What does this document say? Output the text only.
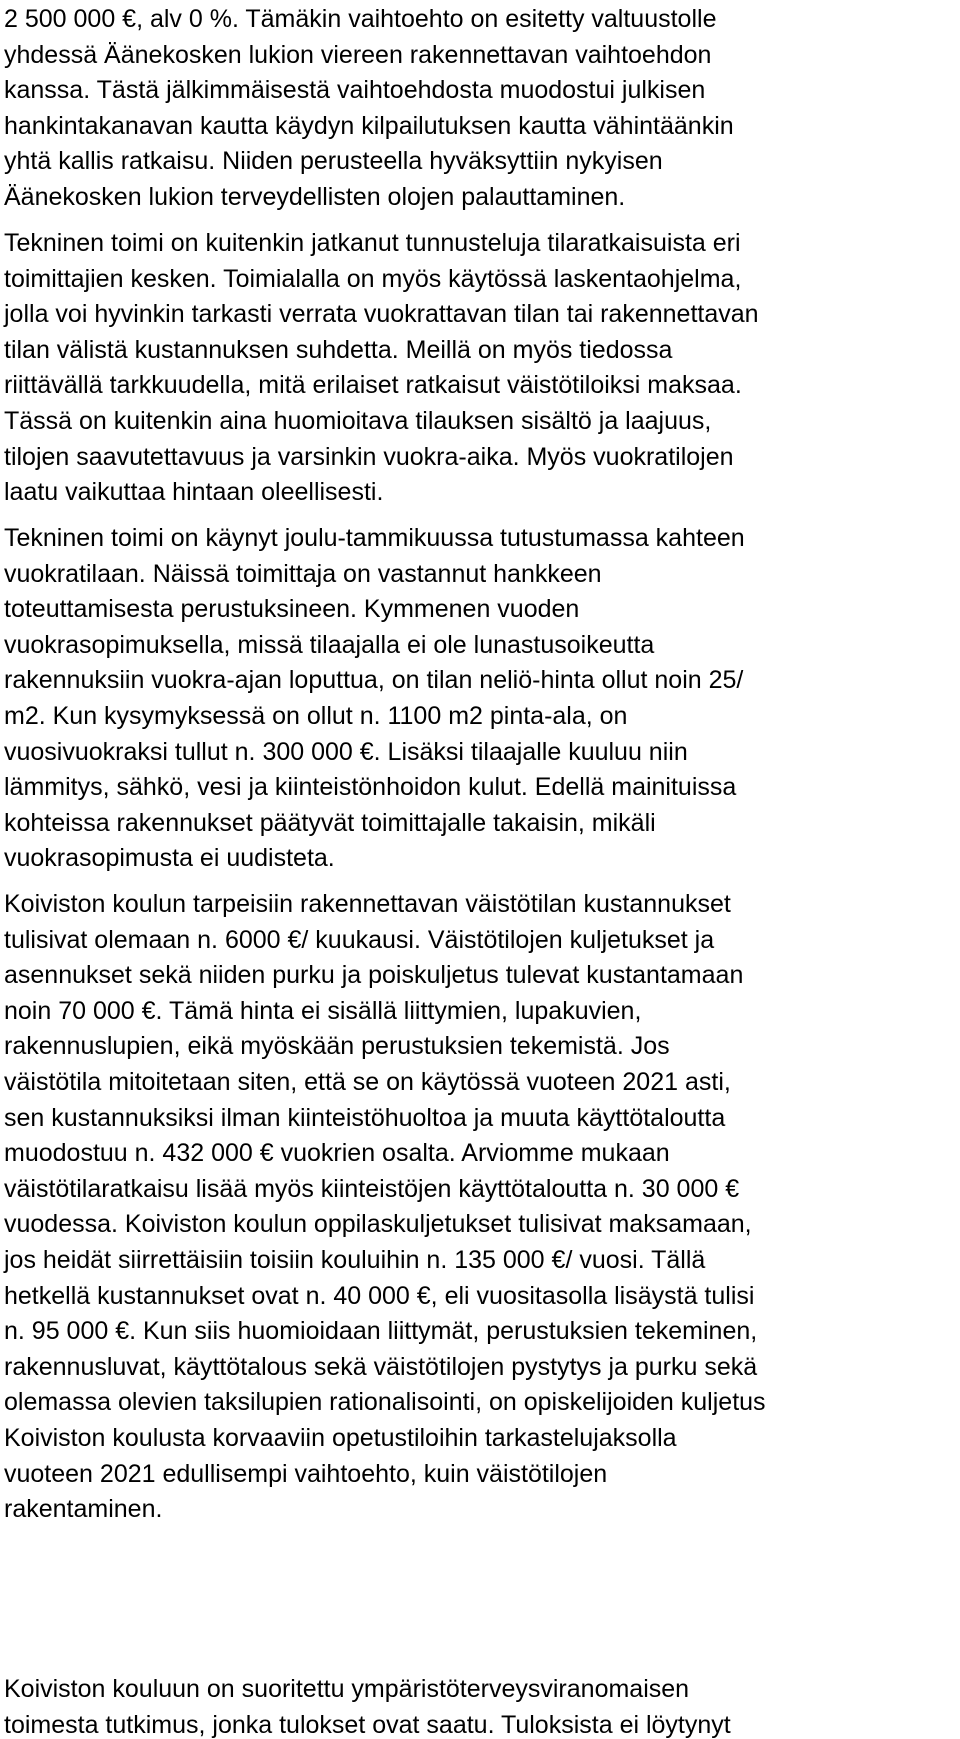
2 500 000 €, alv 0 %. Tämäkin vaihtoehto on esitetty valtuustolle
yhdessä Äänekosken lukion viereen rakennettavan vaihtoehdon
kanssa. Tästä jälkimmäisestä vaihtoehdosta muodostui julkisen
hankintakanavan kautta käydyn kilpailutuksen kautta vähintäänkin
yhtä kallis ratkaisu. Niiden perusteella hyväksyttiin nykyisen
Äänekosken lukion terveydellisten olojen palauttaminen.
Tekninen toimi on kuitenkin jatkanut tunnusteluja tilaratkaisuista eri
toimittajien kesken. Toimialalla on myös käytössä laskentaohjelma,
jolla voi hyvinkin tarkasti verrata vuokrattavan tilan tai rakennettavan
tilan välistä kustannuksen suhdetta. Meillä on myös tiedossa
riittävällä tarkkuudella, mitä erilaiset ratkaisut väistötiloiksi maksaa.
Tässä on kuitenkin aina huomioitava tilauksen sisältö ja laajuus,
tilojen saavutettavuus ja varsinkin vuokra-aika. Myös vuokratilojen
laatu vaikuttaa hintaan oleellisesti.
Tekninen toimi on käynyt joulu-tammikuussa tutustumassa kahteen
vuokratilaan. Näissä toimittaja on vastannut hankkeen
toteuttamisesta perustuksineen. Kymmenen vuoden
vuokrasopimuksella, missä tilaajalla ei ole lunastusoikeutta
rakennuksiin vuokra-ajan loputtua, on tilan neliö-hinta ollut noin 25/
m2. Kun kysymyksessä on ollut n. 1100 m2 pinta-ala, on
vuosivuokraksi tullut n. 300 000 €. Lisäksi tilaajalle kuuluu niin
lämmitys, sähkö, vesi ja kiinteistönhoidon kulut. Edellä mainituissa
kohteissa rakennukset päätyvät toimittajalle takaisin, mikäli
vuokrasopimusta ei uudisteta.
Koiviston koulun tarpeisiin rakennettavan väistötilan kustannukset
tulisivat olemaan n. 6000 €/ kuukausi. Väistötilojen kuljetukset ja
asennukset sekä niiden purku ja poiskuljetus tulevat kustantamaan
noin 70 000 €. Tämä hinta ei sisällä liittymien, lupakuvien,
rakennuslupien, eikä myöskään perustuksien tekemistä. Jos
väistötila mitoitetaan siten, että se on käytössä vuoteen 2021 asti,
sen kustannuksiksi ilman kiinteistöhuoltoa ja muuta käyttötaloutta
muodostuu n. 432 000 € vuokrien osalta. Arviomme mukaan
väistötilaratkaisu lisää myös kiinteistöjen käyttötaloutta n. 30 000 €
vuodessa. Koiviston koulun oppilaskuljetukset tulisivat maksamaan,
jos heidät siirrettäisiin toisiin kouluihin n. 135 000 €/ vuosi. Tällä
hetkellä kustannukset ovat n. 40 000 €, eli vuositasolla lisäystä tulisi
n. 95 000 €. Kun siis huomioidaan liittymät, perustuksien tekeminen,
rakennusluvat, käyttötalous sekä väistötilojen pystytys ja purku sekä
olemassa olevien taksilupien rationalisointi, on opiskelijoiden kuljetus
Koiviston koulusta korvaaviin opetustiloihin tarkastelujaksolla
vuoteen 2021 edullisempi vaihtoehto, kuin väistötilojen
rakentaminen.
Koiviston kouluun on suoritettu ympäristöterveysviranomaisen
toimesta tutkimus, jonka tulokset ovat saatu. Tuloksista ei löytynyt
